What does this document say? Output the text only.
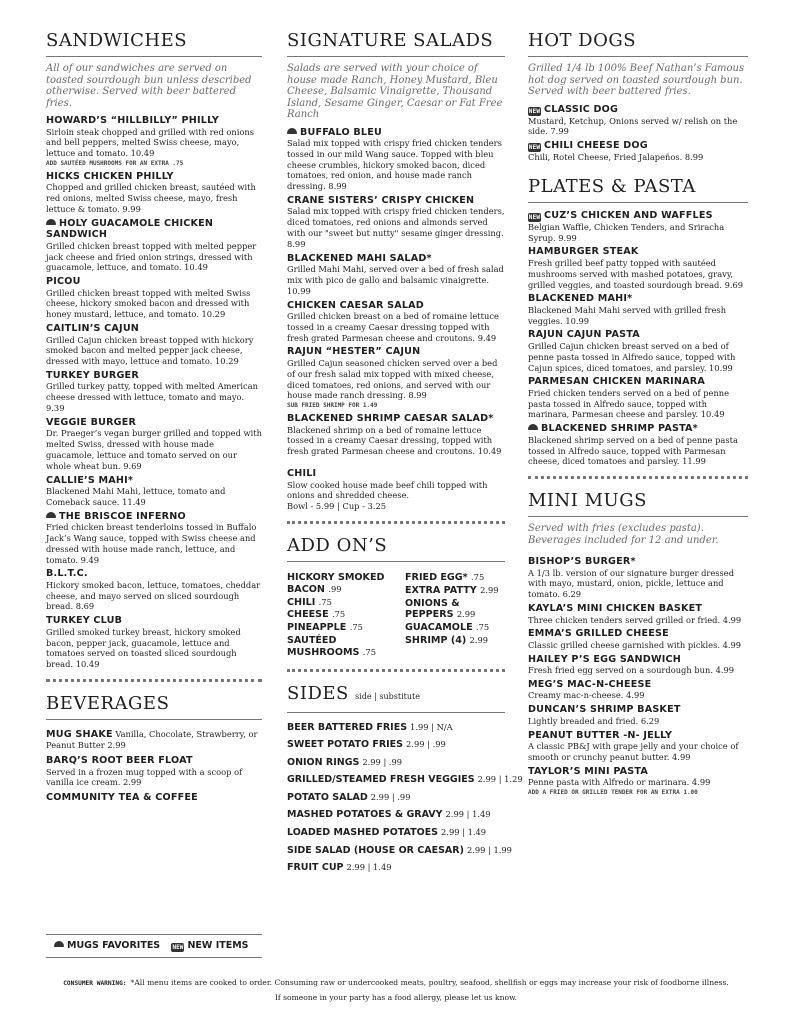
SANDWICHES
All of our sandwiches are served on toasted sourdough bun unless described otherwise. Served with beer battered fries.
HOWARD’S “HILLBILLY” PHILLY
Sirloin steak chopped and grilled with red onions and bell peppers, melted Swiss cheese, mayo, lettuce and tomato. 10.49
ADD SAUTÉED MUSHROOMS FOR AN EXTRA .75
HICKS CHICKEN PHILLY
Chopped and grilled chicken breast, sautéed with red onions, melted Swiss cheese, mayo, fresh lettuce & tomato. 9.99
HOLY GUACAMOLE CHICKEN SANDWICH
Grilled chicken breast topped with melted pepper jack cheese and fried onion strings, dressed with guacamole, lettuce, and tomato. 10.49
PICOU
Grilled chicken breast topped with melted Swiss cheese, hickory smoked bacon and dressed with honey mustard, lettuce, and tomato. 10.29
CAITLIN’S CAJUN
Grilled Cajun chicken breast topped with hickory smoked bacon and melted pepper jack cheese, dressed with mayo, lettuce and tomato. 10.29
TURKEY BURGER
Grilled turkey patty, topped with melted American cheese dressed with lettuce, tomato and mayo. 9.39
VEGGIE BURGER
Dr. Praeger’s vegan burger grilled and topped with melted Swiss, dressed with house made guacamole, lettuce and tomato served on our whole wheat bun. 9.69
CALLIE’S MAHI*
Blackened Mahi Mahi, lettuce, tomato and Comeback sauce. 11.49
THE BRISCOE INFERNO
Fried chicken breast tenderloins tossed in Buffalo Jack’s Wang sauce, topped with Swiss cheese and dressed with house made ranch, lettuce, and tomato. 9.49
B.L.T.C.
Hickory smoked bacon, lettuce, tomatoes, cheddar cheese, and mayo served on sliced sourdough bread. 8.69
TURKEY CLUB
Grilled smoked turkey breast, hickory smoked bacon, pepper jack, guacamole, lettuce and tomatoes served on toasted sliced sourdough bread. 10.49
BEVERAGES
MUG SHAKE Vanilla, Chocolate, Strawberry, or Peanut Butter 2.99
BARQ’S ROOT BEER FLOAT
Served in a frozen mug topped with a scoop of vanilla ice cream. 2.99
COMMUNITY TEA & COFFEE
MUGS FAVORITES NEW NEW ITEMS
SIGNATURE SALADS
Salads are served with your choice of house made Ranch, Honey Mustard, Bleu Cheese, Balsamic Vinaigrette, Thousand Island, Sesame Ginger, Caesar or Fat Free Ranch
BUFFALO BLEU
Salad mix topped with crispy fried chicken tenders tossed in our mild Wang sauce. Topped with bleu cheese crumbles, hickory smoked bacon, diced tomatoes, red onion, and house made ranch dressing. 8.99
CRANE SISTERS’ CRISPY CHICKEN
Salad mix topped with crispy fried chicken tenders, diced tomatoes, red onions and almonds served with our "sweet but nutty" sesame ginger dressing. 8.99
BLACKENED MAHI SALAD*
Grilled Mahi Mahi, served over a bed of fresh salad mix with pico de gallo and balsamic vinaigrette. 10.99
CHICKEN CAESAR SALAD
Grilled chicken breast on a bed of romaine lettuce tossed in a creamy Caesar dressing topped with fresh grated Parmesan cheese and croutons. 9.49
RAJUN “HESTER” CAJUN
Grilled Cajun seasoned chicken served over a bed of our fresh salad mix topped with mixed cheese, diced tomatoes, red onions, and served with our house made ranch dressing. 8.99
SUB FRIED SHRIMP FOR 1.49
BLACKENED SHRIMP CAESAR SALAD*
Blackened shrimp on a bed of romaine lettuce tossed in a creamy Caesar dressing, topped with fresh grated Parmesan cheese and croutons. 10.49
CHILI
Slow cooked house made beef chili topped with onions and shredded cheese.
Bowl - 5.99 | Cup - 3.25
ADD ON’S
HICKORY SMOKED BACON .99
CHILI .75
CHEESE .75
PINEAPPLE .75
SAUTÉED MUSHROOMS .75
FRIED EGG* .75
EXTRA PATTY 2.99
ONIONS & PEPPERS 2.99
GUACAMOLE .75
SHRIMP (4) 2.99
SIDES side | substitute
BEER BATTERED FRIES 1.99 | N/A
SWEET POTATO FRIES 2.99 | .99
ONION RINGS 2.99 | .99
GRILLED/STEAMED FRESH VEGGIES 2.99 | 1.29
POTATO SALAD 2.99 | .99
MASHED POTATOES & GRAVY 2.99 | 1.49
LOADED MASHED POTATOES 2.99 | 1.49
SIDE SALAD (HOUSE OR CAESAR) 2.99 | 1.99
FRUIT CUP 2.99 | 1.49
HOT DOGS
Grilled 1/4 lb 100% Beef Nathan’s Famous hot dog served on toasted sourdough bun. Served with beer battered fries.
NEW CLASSIC DOG
Mustard, Ketchup, Onions served w/ relish on the side. 7.99
NEW CHILI CHEESE DOG
Chili, Rotel Cheese, Fried Jalapeños. 8.99
PLATES & PASTA
NEW CUZ’S CHICKEN AND WAFFLES
Belgian Waffle, Chicken Tenders, and Sriracha Syrup. 9.99
HAMBURGER STEAK
Fresh grilled beef patty topped with sautéed mushrooms served with mashed potatoes, gravy, grilled veggies, and toasted sourdough bread. 9.69
BLACKENED MAHI*
Blackened Mahi Mahi served with grilled fresh veggies. 10.99
RAJUN CAJUN PASTA
Grilled Cajun chicken breast served on a bed of penne pasta tossed in Alfredo sauce, topped with Cajun spices, diced tomatoes, and parsley. 10.99
PARMESAN CHICKEN MARINARA
Fried chicken tenders served on a bed of penne pasta tossed in Alfredo sauce, topped with marinara, Parmesan cheese and parsley. 10.49
BLACKENED SHRIMP PASTA*
Blackened shrimp served on a bed of penne pasta tossed in Alfredo sauce, topped with Parmesan cheese, diced tomatoes and parsley. 11.99
MINI MUGS
Served with fries (excludes pasta). Beverages included for 12 and under.
BISHOP’S BURGER*
A 1/3 lb. version of our signature burger dressed with mayo, mustard, onion, pickle, lettuce and tomato. 6.29
KAYLA’S MINI CHICKEN BASKET
Three chicken tenders served grilled or fried. 4.99
EMMA’S GRILLED CHEESE
Classic grilled cheese garnished with pickles. 4.99
HAILEY P’S EGG SANDWICH
Fresh fried egg served on a sourdough bun. 4.99
MEG’S MAC-N-CHEESE
Creamy mac-n-cheese. 4.99
DUNCAN’S SHRIMP BASKET
Lightly breaded and fried. 6.29
PEANUT BUTTER -N- JELLY
A classic PB&J with grape jelly and your choice of smooth or crunchy peanut butter. 4.99
TAYLOR’S MINI PASTA
Penne pasta with Alfredo or marinara. 4.99
ADD A FRIED OR GRILLED TENDER FOR AN EXTRA 1.00
CONSUMER WARNING: *All menu items are cooked to order. Consuming raw or undercooked meats, poultry, seafood, shellfish or eggs may increase your risk of foodborne illness.
If someone in your party has a food allergy, please let us know.
